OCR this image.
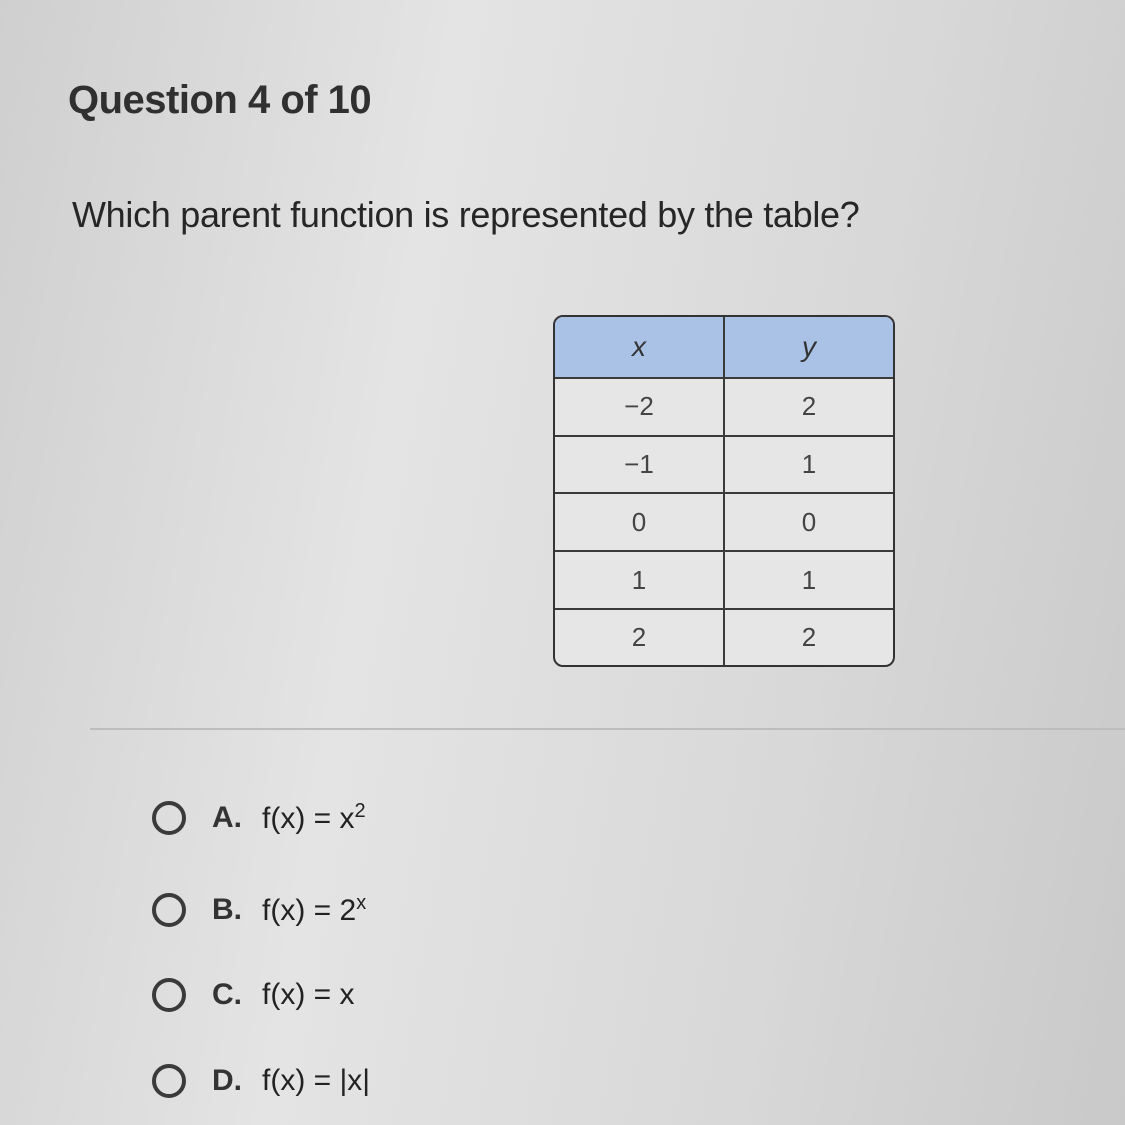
Question 4 of 10
Which parent function is represented by the table?
x	y
−2	2
−1	1
0	0
1	1
2	2
A. $f(x) = x^2$
B. $f(x) = 2^x$
C. f(x) = x
D. f(x) = |x|
